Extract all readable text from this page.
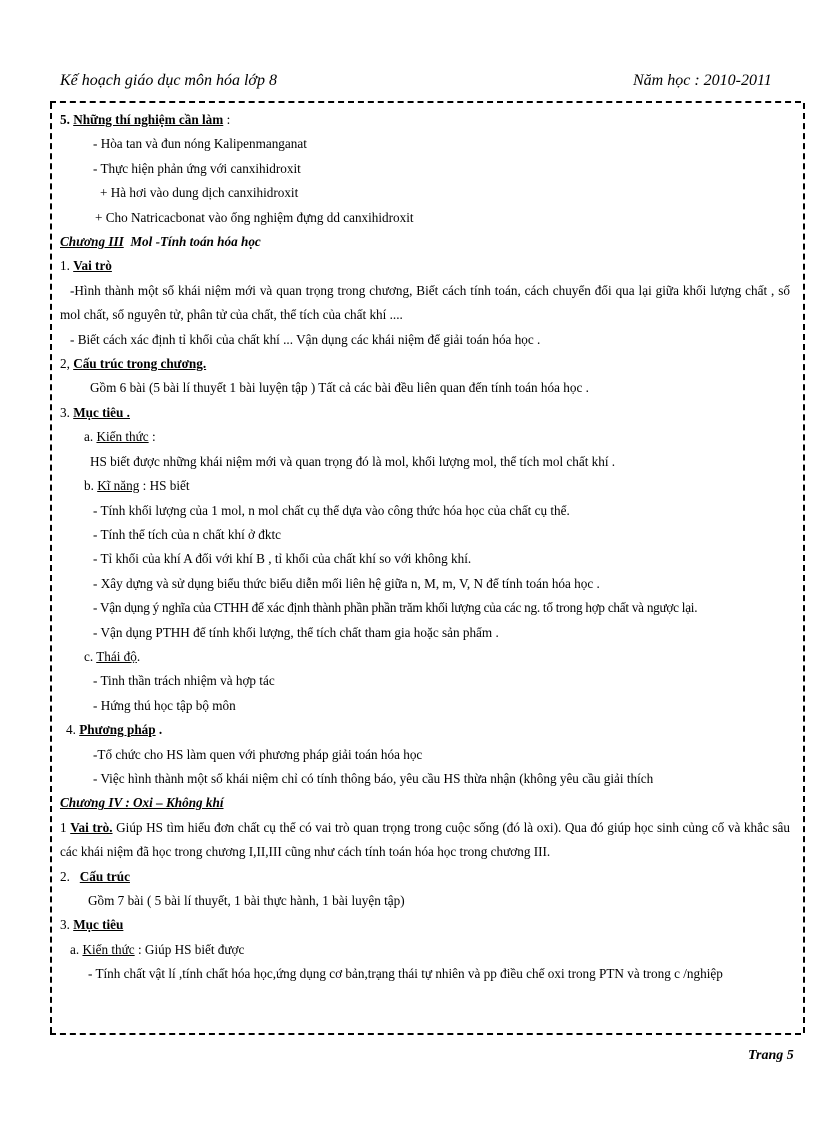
Kế hoạch giáo dục môn hóa lớp 8	Năm học : 2010-2011
5. Những thí nghiệm cần làm :
- Hòa tan và đun nóng Kalipenmanganat
- Thực hiện phản ứng với canxihidroxit
+ Hà hơi vào dung dịch canxihidroxit
+ Cho Natricacbonat vào ống nghiệm đựng dd canxihidroxit
Chương III Mol -Tính toán hóa học
1. Vai trò
-Hình thành một số khái niệm mới và quan trọng trong chương, Biết cách tính toán, cách chuyển đổi qua lại giữa khối lượng chất , số mol chất, số nguyên tử, phân tử của chất, thể tích của chất khí ....
- Biết cách xác định tỉ khối của chất khí ... Vận dụng các khái niệm để giải toán hóa học .
2, Cấu trúc trong chương.
Gồm 6 bài (5 bài lí thuyết 1 bài luyện tập ) Tất cả các bài đều liên quan đến tính toán hóa học .
3. Mục tiêu .
a. Kiến thức :
HS biết được những khái niệm mới và quan trọng đó là mol, khối lượng mol, thể tích mol chất khí .
b. Kĩ năng : HS biết
- Tính khối lượng của 1 mol, n mol chất cụ thể dựa vào công thức hóa học của chất cụ thể.
- Tính thể tích của n chất khí ở đktc
- Tỉ khối của khí A đối với khí B , tỉ khối của chất khí so với không khí.
- Xây dựng và sử dụng biểu thức biểu diễn mối liên hệ giữa n, M, m, V, N để tính toán hóa học .
- Vận dụng ý nghĩa của CTHH để xác định thành phần phần trăm khối lượng của các ng. tố trong hợp chất và ngược lại.
- Vận dụng PTHH để tính khối lượng, thể tích chất tham gia hoặc sản phẩm .
c. Thái độ.
- Tinh thần trách nhiệm và hợp tác
- Hứng thú học tập bộ môn
4. Phương pháp .
-Tổ chức cho HS làm quen với phương pháp giải toán hóa học
- Việc hình thành một số khái niệm chỉ có tính thông báo, yêu cầu HS thừa nhận (không yêu cầu giải thích
Chương IV : Oxi – Không khí
1 Vai trò. Giúp HS tìm hiểu đơn chất cụ thể có vai trò quan trọng trong cuộc sống (đó là oxi). Qua đó giúp học sinh củng cố và khắc sâu các khái niệm đã học trong chương I,II,III cũng như cách tính toán hóa học trong chương III.
2. Cấu trúc
Gồm 7 bài ( 5 bài lí thuyết, 1 bài thực hành, 1 bài luyện tập)
3. Mục tiêu
a. Kiến thức : Giúp HS biết được
- Tính chất vật lí ,tính chất hóa học,ứng dụng cơ bản,trạng thái tự nhiên và pp điều chế oxi trong PTN và trong c /nghiệp
Trang 5
